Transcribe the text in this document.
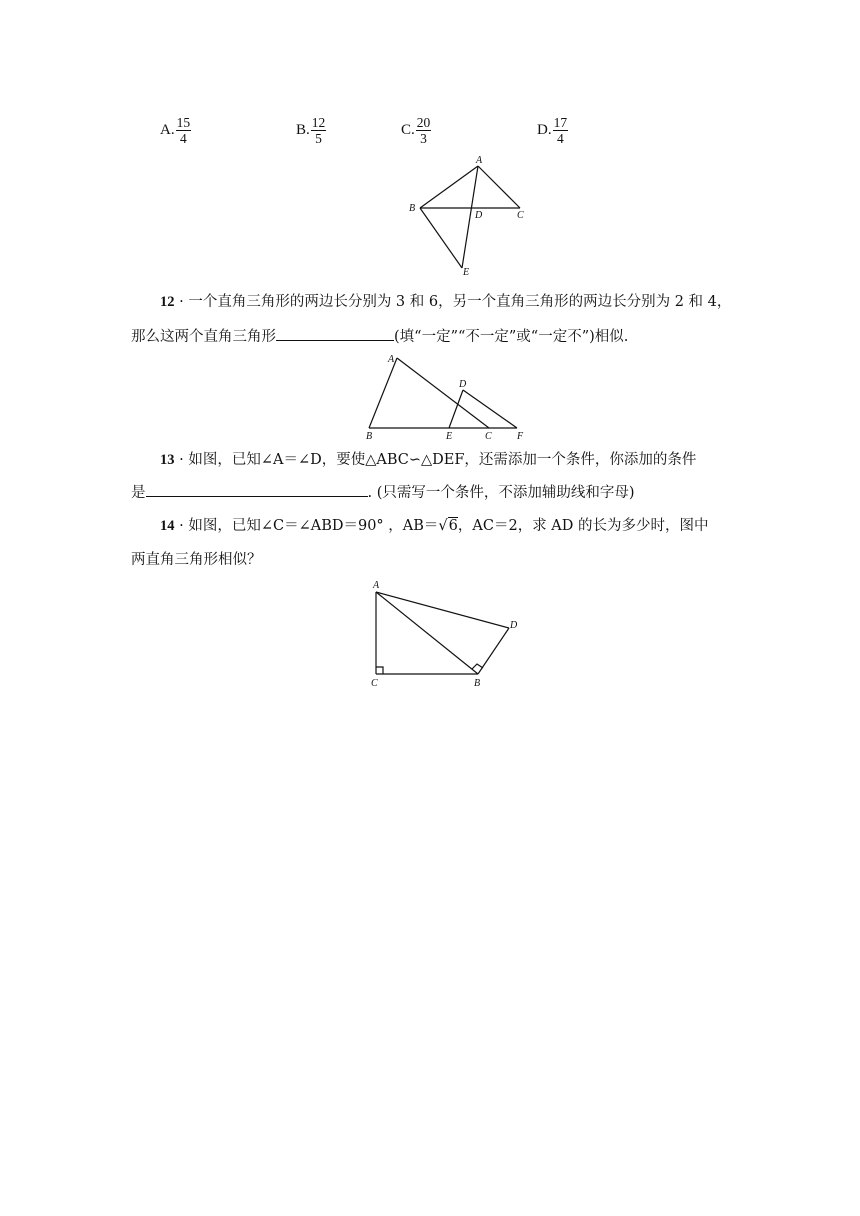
A. $\frac{15}{4}$	B. $\frac{12}{5}$	C. $\frac{20}{3}$	D. $\frac{17}{4}$
A
B
D	C
E
12 · 一个直角三角形的两边长分别为 3 和 6，另一个直角三角形的两边长分别为 2 和 4，
那么这两个直角三角形	(填“一定”“不一定”或“一定不”)相似.
A
D
B	E	C	F
13 · 如图，已知∠A＝∠D，要使△ABC∽△DEF，还需添加一个条件，你添加的条件
是	. (只需写一个条件，不添加辅助线和字母)
14 · 如图，已知∠C＝∠ABD＝90° ，AB＝√6，AC＝2，求 AD 的长为多少时，图中
两直角三角形相似？
A
D
C	B
